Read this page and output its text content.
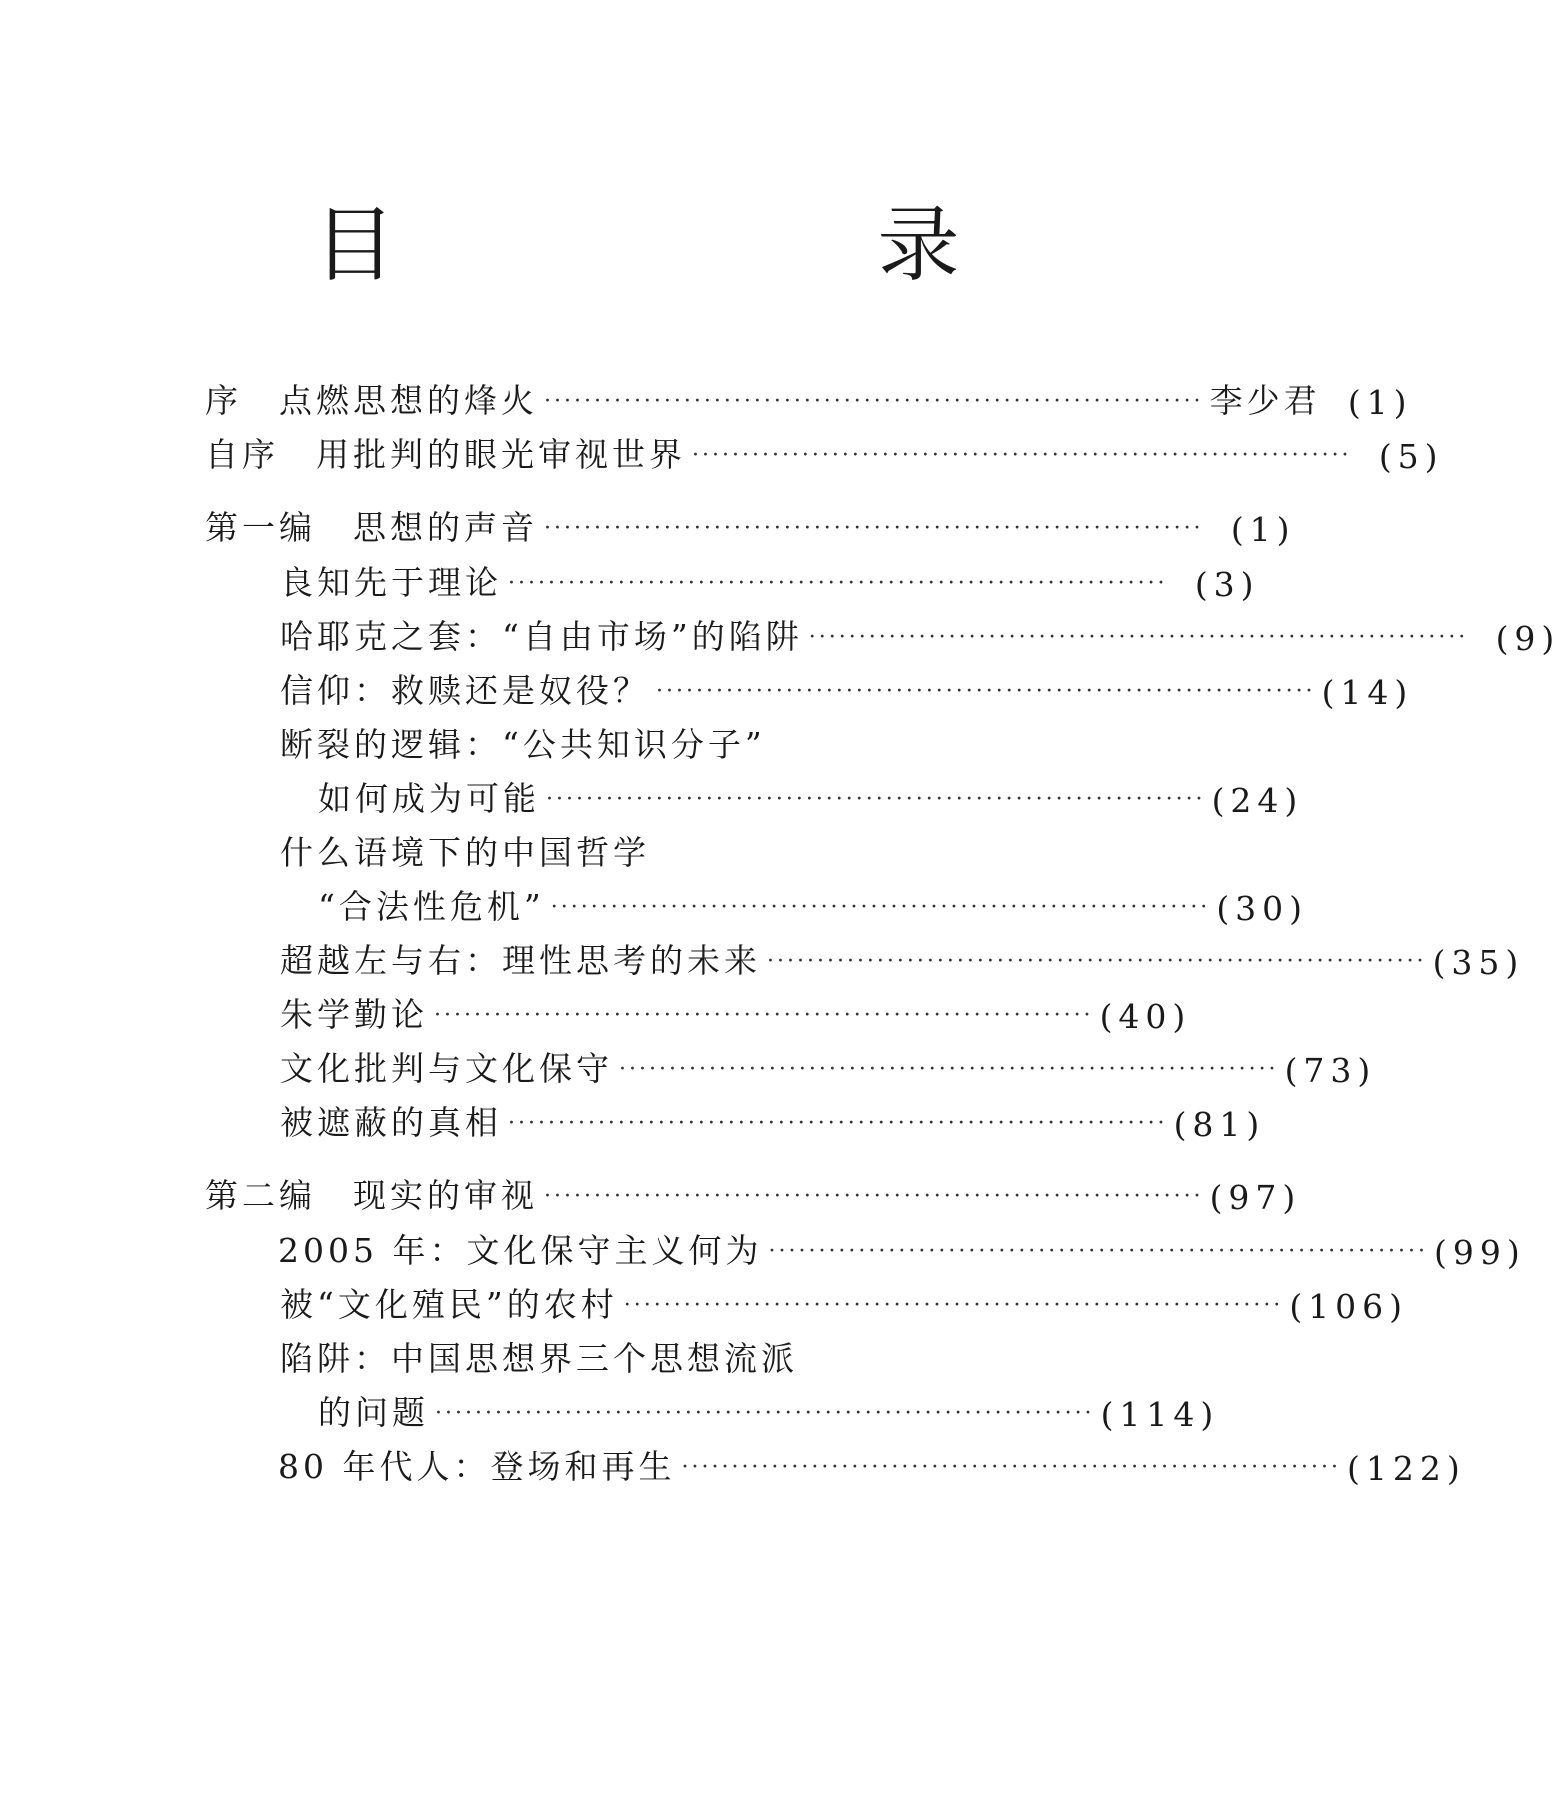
目　录
序　点燃思想的烽火 ·································································· 李少君 (1)
自序　用批判的眼光审视世界 ·································································· (5)
第一编　思想的声音 ·································································· (1)
良知先于理论 ·································································· (3)
哈耶克之套：“自由市场”的陷阱 ·································································· (9)
信仰：救赎还是奴役？ ·································································· (14)
断裂的逻辑：“公共知识分子”
如何成为可能 ·································································· (24)
什么语境下的中国哲学
“合法性危机” ·································································· (30)
超越左与右：理性思考的未来 ·································································· (35)
朱学勤论 ·································································· (40)
文化批判与文化保守 ·································································· (73)
被遮蔽的真相 ·································································· (81)
第二编　现实的审视 ·································································· (97)
2005 年：文化保守主义何为 ·································································· (99)
被“文化殖民”的农村 ·································································· (106)
陷阱：中国思想界三个思想流派
的问题 ·································································· (114)
80 年代人：登场和再生 ·································································· (122)
